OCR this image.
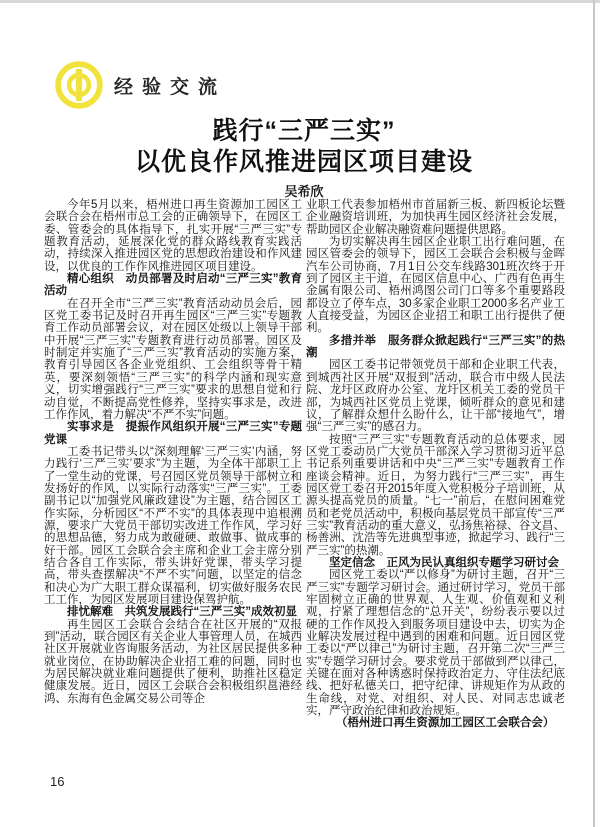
经验交流
践行“三严三实”
以优良作风推进园区项目建设
吴希欣
今年5月以来，梧州进口再生资源加工园区工会联合会在梧州市总工会的正确领导下，在园区工委、管委会的具体指导下，扎实开展“三严三实”专题教育活动，延展深化党的群众路线教育实践活动，持续深入推进园区党的思想政治建设和作风建设，以优良的工作作风推进园区项目建设。
精心组织　动员部署及时启动“三严三实”教育活动
在召开全市“三严三实”教育活动动员会后，园区党工委书记及时召开再生园区“三严三实”专题教育工作动员部署会议，对在园区处级以上领导干部中开展“三严三实”专题教育进行动员部署。园区及时制定并实施了“三严三实”教育活动的实施方案，教育引导园区各企业党组织、工会组织等骨干精英，要深刻领悟“三严三实”的科学内涵和现实意义，切实增强践行“三严三实”要求的思想自觉和行动自觉，不断提高党性修养，坚持实事求是，改进工作作风，着力解决“不严不实”问题。
实事求是　提振作风组织开展“三严三实”专题党课
工委书记带头以“深刻理解‘三严三实’内涵，努力践行‘三严三实’要求”为主题，为全体干部职工上了一堂生动的党课，号召园区党员领导干部树立和发扬好的作风，以实际行动落实“三严三实”。工委副书记以“加强党风廉政建设”为主题，结合园区工作实际，分析园区“不严不实”的具体表现中追根溯源，要求广大党员干部切实改进工作作风，学习好的思想品德，努力成为敢碰硬、敢做事、做成事的好干部。园区工会联合会主席和企业工会主席分别结合各自工作实际，带头讲好党课，带头学习提高，带头查摆解决“不严不实”问题，以坚定的信念和决心为广大职工群众谋福利，切实做好服务农民工工作，为园区发展项目建设保驾护航。
排忧解难　共筑发展践行“三严三实”成效初显
再生园区工会联合会结合在社区开展的“双报到”活动，联合园区有关企业人事管理人员，在城西社区开展就业咨询服务活动，为社区居民提供多种就业岗位，在协助解决企业招工难的问题，同时也为居民解决就业难问题提供了便利，助推社区稳定健康发展。近日，园区工会联合会积极组织邕港经鸿、东海有色金属交易公司等企
业职工代表参加梧州市首届新三板、新四板论坛暨企业融资培训班，为加快再生园区经济社会发展，帮助园区企业解决融资难问题提供思路。
为切实解决再生园区企业职工出行难问题，在园区管委会的领导下，园区工会联合会积极与金晖汽车公司协商，7月1日公交车线路301班次终于开到了园区主干道，在园区信息中心、广西有色再生金属有限公司、梧州鸿图公司门口等多个重要路段都设立了停车点，30多家企业职工2000多名产业工人直接受益，为园区企业招工和职工出行提供了便利。
多措并举　服务群众掀起践行“三严三实”的热潮
园区工委书记带领党员干部和企业职工代表，到城西社区开展“双报到”活动，联合市中级人民法院、龙圩区政府办公室、龙圩区机关工委的党员干部，为城西社区党员上党课，倾听群众的意见和建议，了解群众想什么盼什么，让干部“接地气”，增强“三严三实”的感召力。
按照“三严三实”专题教育活动的总体要求，园区党工委动员广大党员干部深入学习贯彻习近平总书记系列重要讲话和中央“三严三实”专题教育工作座谈会精神。近日，为努力践行“三严三实”，再生园区党工委召开2015年度入党积极分子培训班，从源头提高党员的质量。“七一”前后，在慰问困难党员和老党员活动中，积极向基层党员干部宣传“三严三实”教育活动的重大意义，弘扬焦裕禄、谷文昌、杨善洲、沈浩等先进典型事迹，掀起学习、践行“三严三实”的热潮。
坚定信念　正风为民认真组织专题学习研讨会
园区党工委以“严以修身”为研讨主题，召开“三严三实”专题学习研讨会。通过研讨学习，党员干部牢固树立正确的世界观、人生观、价值观和义利观，拧紧了理想信念的“总开关”，纷纷表示要以过硬的工作作风投入到服务项目建设中去，切实为企业解决发展过程中遇到的困难和问题。近日园区党工委以“严以律己”为研讨主题，召开第二次“三严三实”专题学习研讨会。要求党员干部做到严以律己，关键在面对各种诱惑时保持政治定力、守住法纪底线、把好私德关口，把守纪律、讲规矩作为从政的生命线，对党、对组织、对人民、对同志忠诚老实，严守政治纪律和政治规矩。
（梧州进口再生资源加工园区工会联合会）
16
